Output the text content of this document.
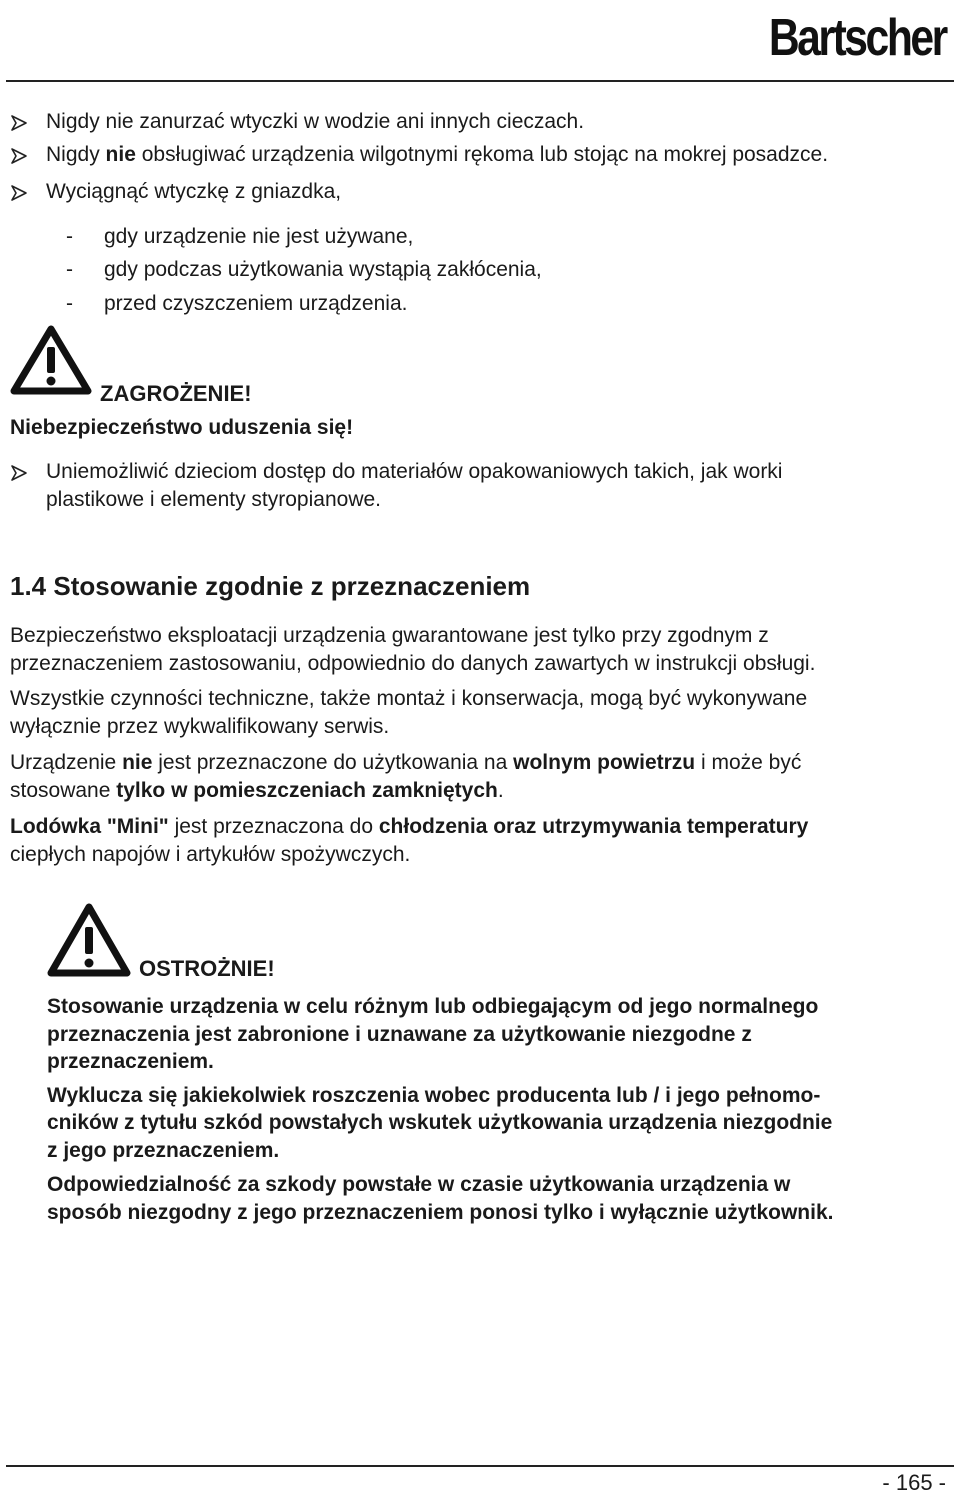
Bartscher
Nigdy nie zanurzać wtyczki w wodzie ani innych cieczach.
Nigdy nie obsługiwać urządzenia wilgotnymi rękoma lub stojąc na mokrej posadzce.
Wyciągnąć wtyczkę z gniazdka,
- gdy urządzenie nie jest używane,
- gdy podczas użytkowania wystąpią zakłócenia,
- przed czyszczeniem urządzenia.
ZAGROŻENIE!
Niebezpieczeństwo uduszenia się!
Uniemożliwić dzieciom dostęp do materiałów opakowaniowych takich, jak worki
plastikowe i elementy styropianowe.
1.4 Stosowanie zgodnie z przeznaczeniem
Bezpieczeństwo eksploatacji urządzenia gwarantowane jest tylko przy zgodnym z
przeznaczeniem zastosowaniu, odpowiednio do danych zawartych w instrukcji obsługi.
Wszystkie czynności techniczne, także montaż i konserwacja, mogą być wykonywane
wyłącznie przez wykwalifikowany serwis.
Urządzenie nie jest przeznaczone do użytkowania na wolnym powietrzu i może być
stosowane tylko w pomieszczeniach zamkniętych.
Lodówka "Mini" jest przeznaczona do chłodzenia oraz utrzymywania temperatury
ciepłych napojów i artykułów spożywczych.
OSTROŻNIE!
Stosowanie urządzenia w celu różnym lub odbiegającym od jego normalnego
przeznaczenia jest zabronione i uznawane za użytkowanie niezgodne z
przeznaczeniem.
Wyklucza się jakiekolwiek roszczenia wobec producenta lub / i jego pełnomo-
cników z tytułu szkód powstałych wskutek użytkowania urządzenia niezgodnie
z jego przeznaczeniem.
Odpowiedzialność za szkody powstałe w czasie użytkowania urządzenia w
sposób niezgodny z jego przeznaczeniem ponosi tylko i wyłącznie użytkownik.
- 165 -
